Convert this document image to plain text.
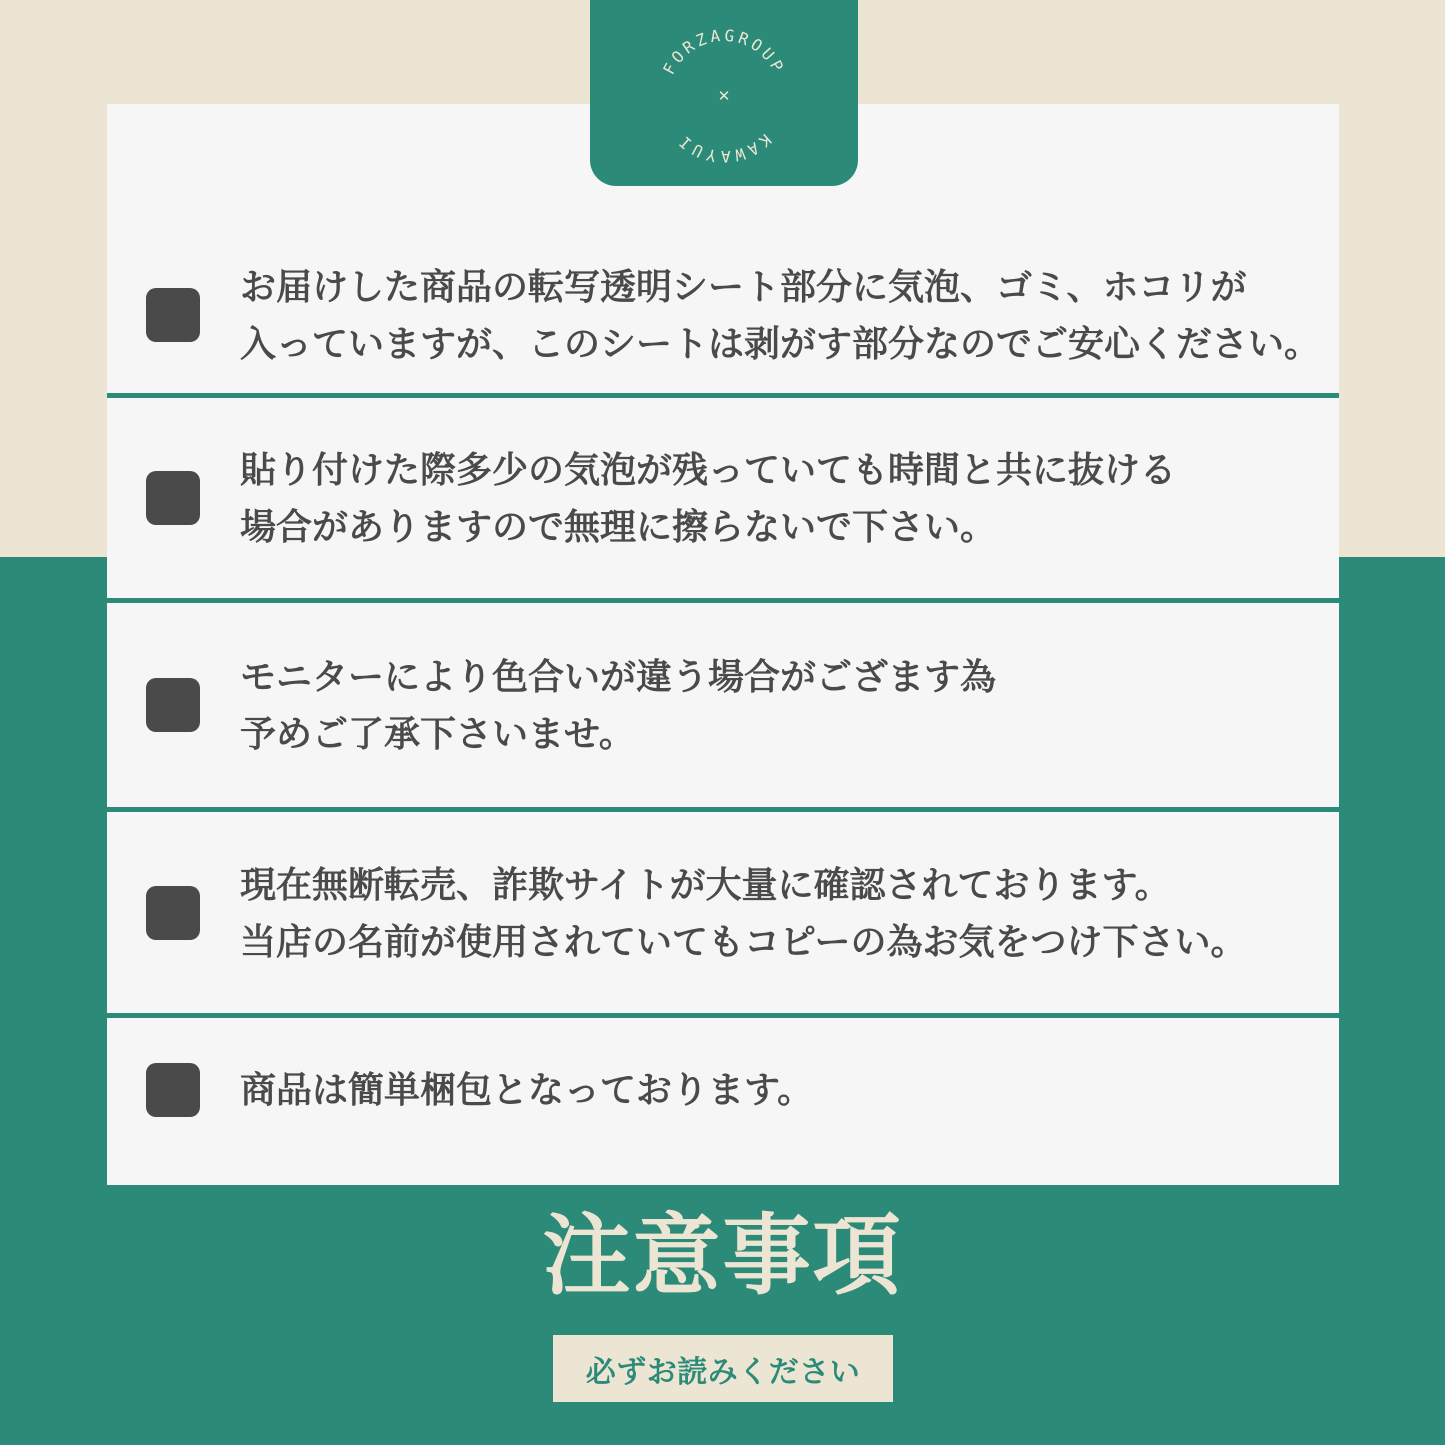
FORZAGROUP
KAWAYUI
✕
お届けした商品の転写透明シート部分に気泡、ゴミ、ホコリが
入っていますが、このシートは剥がす部分なのでご安心ください。
貼り付けた際多少の気泡が残っていても時間と共に抜ける
場合がありますので無理に擦らないで下さい。
モニターにより色合いが違う場合がござます為
予めご了承下さいませ。
現在無断転売、詐欺サイトが大量に確認されております。
当店の名前が使用されていてもコピーの為お気をつけ下さい。
商品は簡単梱包となっております。
注意事項
必ずお読みください
